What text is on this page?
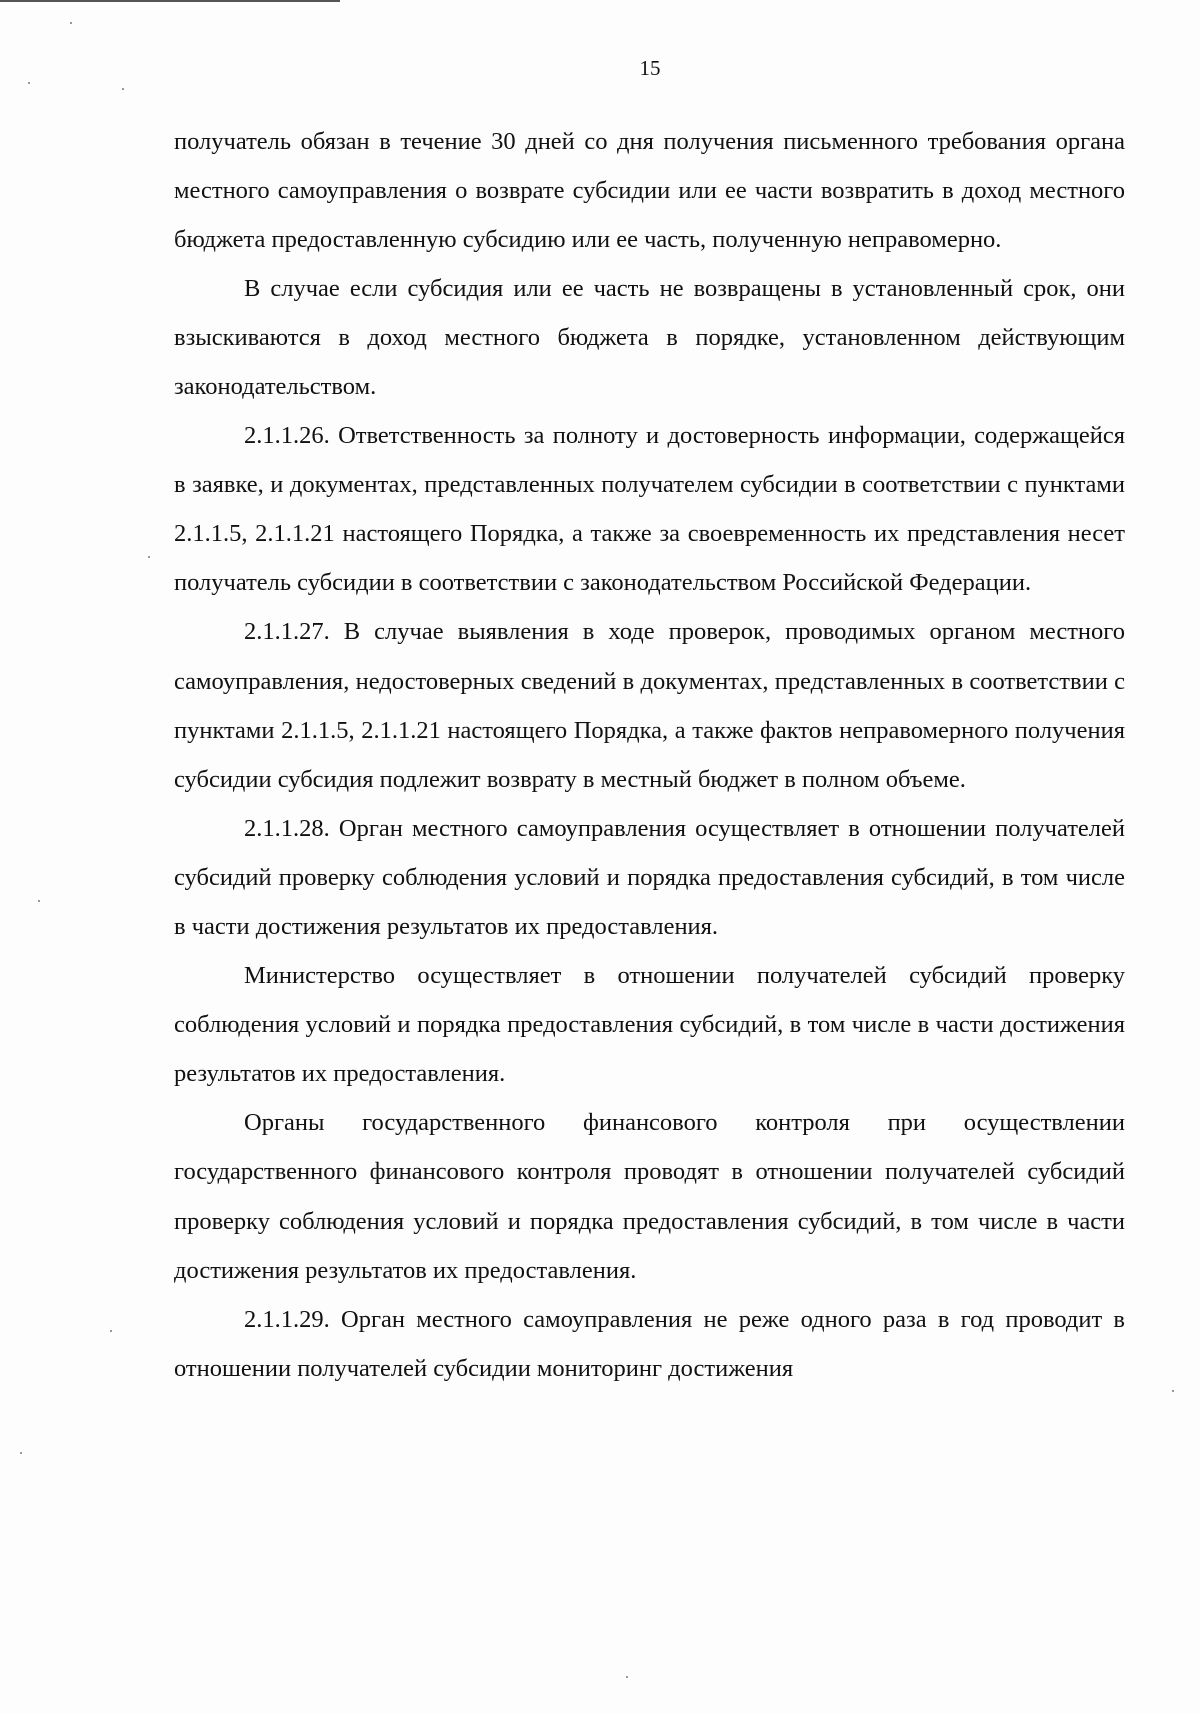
15

получатель обязан в течение 30 дней со дня получения письменного требования органа местного самоуправления о возврате субсидии или ее части возвратить в доход местного бюджета предоставленную субсидию или ее часть, полученную неправомерно.

В случае если субсидия или ее часть не возвращены в установленный срок, они взыскиваются в доход местного бюджета в порядке, установленном действующим законодательством.

2.1.1.26. Ответственность за полноту и достоверность информации, содержащейся в заявке, и документах, представленных получателем субсидии в соответствии с пунктами 2.1.1.5, 2.1.1.21 настоящего Порядка, а также за своевременность их представления несет получатель субсидии в соответствии с законодательством Российской Федерации.

2.1.1.27. В случае выявления в ходе проверок, проводимых органом местного самоуправления, недостоверных сведений в документах, представленных в соответствии с пунктами 2.1.1.5, 2.1.1.21 настоящего Порядка, а также фактов неправомерного получения субсидии субсидия подлежит возврату в местный бюджет в полном объеме.

2.1.1.28. Орган местного самоуправления осуществляет в отношении получателей субсидий проверку соблюдения условий и порядка предоставления субсидий, в том числе в части достижения результатов их предоставления.

Министерство осуществляет в отношении получателей субсидий проверку соблюдения условий и порядка предоставления субсидий, в том числе в части достижения результатов их предоставления.

Органы государственного финансового контроля при осуществлении государственного финансового контроля проводят в отношении получателей субсидий проверку соблюдения условий и порядка предоставления субсидий, в том числе в части достижения результатов их предоставления.

2.1.1.29. Орган местного самоуправления не реже одного раза в год проводит в отношении получателей субсидии мониторинг достижения
